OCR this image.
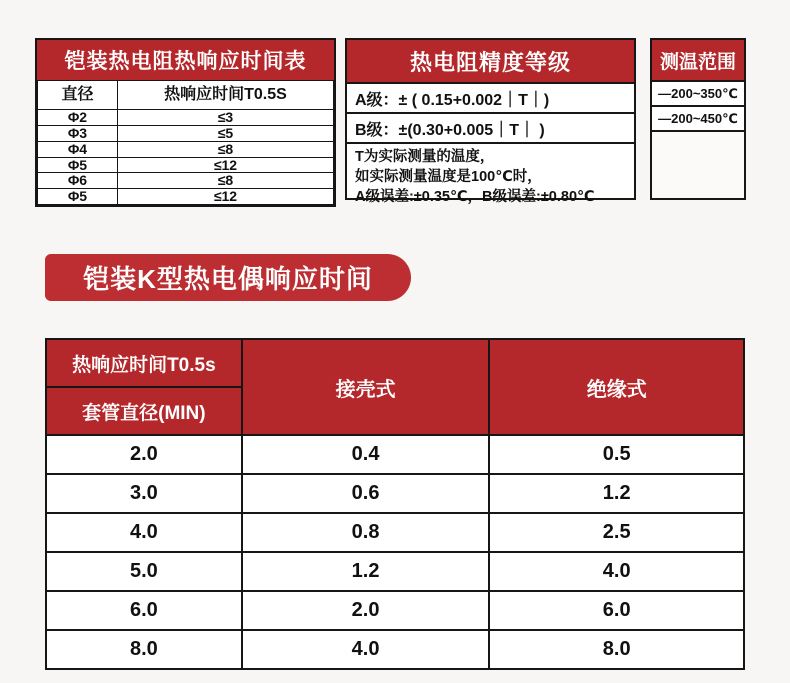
铠装热电阻热响应时间表
直径	热响应时间T0.5S
Φ2	≤3
Φ3	≤5
Φ4	≤8
Φ5	≤12
Φ6	≤8
Φ5	≤12
热电阻精度等级
A级：± ( 0.15+0.002｜T｜)
B级：±(0.30+0.005｜T｜ )
T为实际测量的温度，
如实际测量温度是100℃时，
A级误差:±0.35℃，B级误差:±0.80℃
测温范围
—200~350℃
—200~450℃
铠装K型热电偶响应时间
热响应时间T0.5s	接壳式	绝缘式
套管直径(MIN)		
2.0	0.4	0.5
3.0	0.6	1.2
4.0	0.8	2.5
5.0	1.2	4.0
6.0	2.0	6.0
8.0	4.0	8.0
